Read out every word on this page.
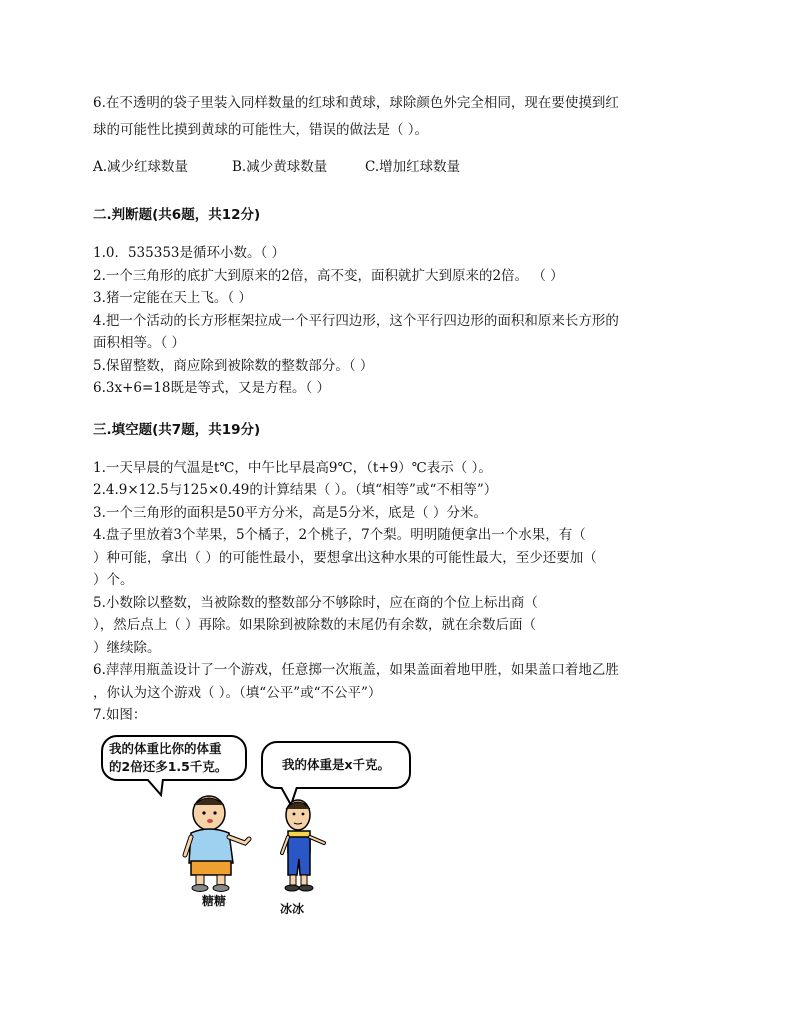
6.在不透明的袋子里装入同样数量的红球和黄球，球除颜色外完全相同，现在要使摸到红
球的可能性比摸到黄球的可能性大，错误的做法是（ ）。
A.减少红球数量	B.减少黄球数量	C.增加红球数量
二.判断题(共6题，共12分)
1.0．535353是循环小数。（ ）
2.一个三角形的底扩大到原来的2倍，高不变，面积就扩大到原来的2倍。 （ ）
3.猪一定能在天上飞。（ ）
4.把一个活动的长方形框架拉成一个平行四边形，这个平行四边形的面积和原来长方形的
面积相等。（ ）
5.保留整数，商应除到被除数的整数部分。（ ）
6.3x+6=18既是等式，又是方程。（ ）
三.填空题(共7题，共19分)
1.一天早晨的气温是t℃，中午比早晨高9℃，（t+9）℃表示（ ）。
2.4.9×12.5与125×0.49的计算结果（ ）。（填“相等”或“不相等”）
3.一个三角形的面积是50平方分米，高是5分米，底是（ ）分米。
4.盘子里放着3个苹果，5个橘子，2个桃子，7个梨。明明随便拿出一个水果，有（
）种可能，拿出（ ）的可能性最小，要想拿出这种水果的可能性最大，至少还要加（
）个。
5.小数除以整数，当被除数的整数部分不够除时，应在商的个位上标出商（
），然后点上（ ）再除。如果除到被除数的末尾仍有余数，就在余数后面（
）继续除。
6.萍萍用瓶盖设计了一个游戏，任意掷一次瓶盖，如果盖面着地甲胜，如果盖口着地乙胜
，你认为这个游戏（ ）。（填“公平”或“不公平”）
7.如图：
我的体重比你的体重
的2倍还多1.5千克。	我的体重是x千克。
糖糖
冰冰
